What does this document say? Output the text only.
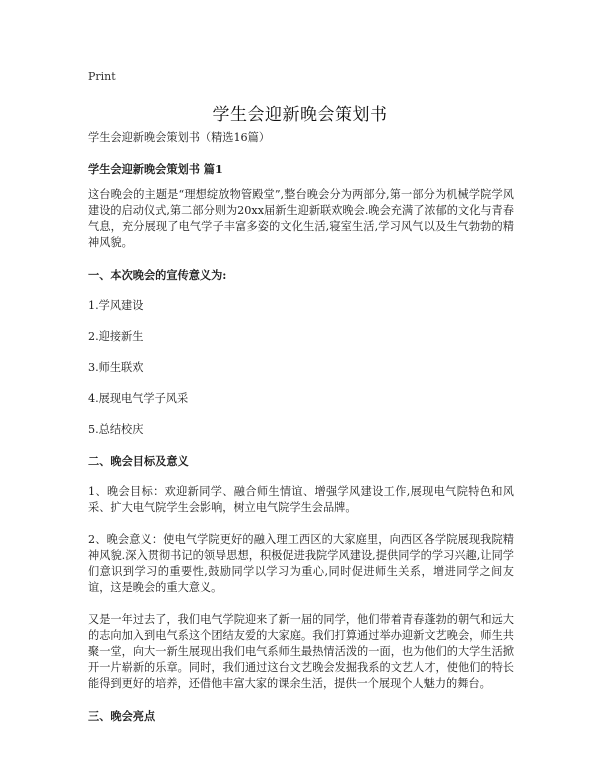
Print
学生会迎新晚会策划书

学生会迎新晚会策划书（精选16篇）

学生会迎新晚会策划书 篇1

这台晚会的主题是“理想绽放物管殿堂”,整台晚会分为两部分,第一部分为机械学院学风建设的启动仪式,第二部分则为20xx届新生迎新联欢晚会.晚会充满了浓郁的文化与青春气息，充分展现了电气学子丰富多姿的文化生活,寝室生活,学习风气以及生气勃勃的精神风貌。

一、本次晚会的宣传意义为:

1.学风建设

2.迎接新生

3.师生联欢

4.展现电气学子风采

5.总结校庆

二、晚会目标及意义

1、晚会目标：欢迎新同学、融合师生情谊、增强学风建设工作,展现电气院特色和风采、扩大电气院学生会影响，树立电气院学生会品牌。

2、晚会意义：使电气学院更好的融入理工西区的大家庭里，向西区各学院展现我院精神风貌.深入贯彻书记的领导思想，积极促进我院学风建设,提供同学的学习兴趣,让同学们意识到学习的重要性,鼓励同学以学习为重心,同时促进师生关系，增进同学之间友谊，这是晚会的重大意义。

又是一年过去了，我们电气学院迎来了新一届的同学，他们带着青春蓬勃的朝气和远大的志向加入到电气系这个团结友爱的大家庭。我们打算通过举办迎新文艺晚会，师生共聚一堂，向大一新生展现出我们电气系师生最热情活泼的一面，也为他们的大学生活掀开一片崭新的乐章。同时，我们通过这台文艺晚会发掘我系的文艺人才，使他们的特长能得到更好的培养，还借他丰富大家的课余生活，提供一个展现个人魅力的舞台。

三、晚会亮点
